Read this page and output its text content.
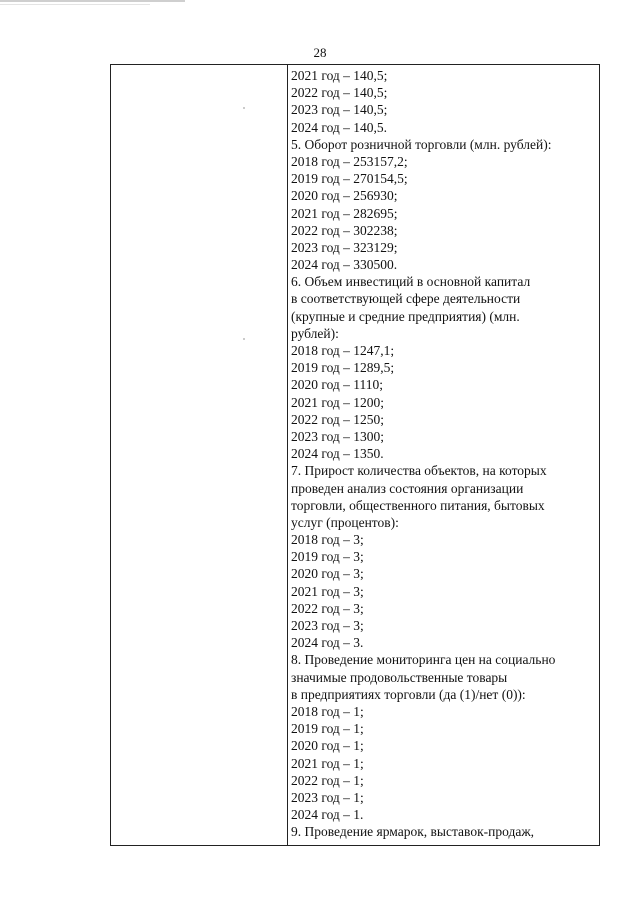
28
2021 год – 140,5;
2022 год – 140,5;
2023 год – 140,5;
2024 год – 140,5.
5. Оборот розничной торговли (млн. рублей):
2018 год – 253157,2;
2019 год – 270154,5;
2020 год – 256930;
2021 год – 282695;
2022 год – 302238;
2023 год – 323129;
2024 год – 330500.
6. Объем инвестиций в основной капитал
в соответствующей сфере деятельности
(крупные и средние предприятия) (млн.
рублей):
2018 год – 1247,1;
2019 год – 1289,5;
2020 год – 1110;
2021 год – 1200;
2022 год – 1250;
2023 год – 1300;
2024 год – 1350.
7. Прирост количества объектов, на которых
проведен анализ состояния организации
торговли, общественного питания, бытовых
услуг (процентов):
2018 год – 3;
2019 год – 3;
2020 год – 3;
2021 год – 3;
2022 год – 3;
2023 год – 3;
2024 год – 3.
8. Проведение мониторинга цен на социально
значимые продовольственные товары
в предприятиях торговли (да (1)/нет (0)):
2018 год – 1;
2019 год – 1;
2020 год – 1;
2021 год – 1;
2022 год – 1;
2023 год – 1;
2024 год – 1.
9. Проведение ярмарок, выставок-продаж,
